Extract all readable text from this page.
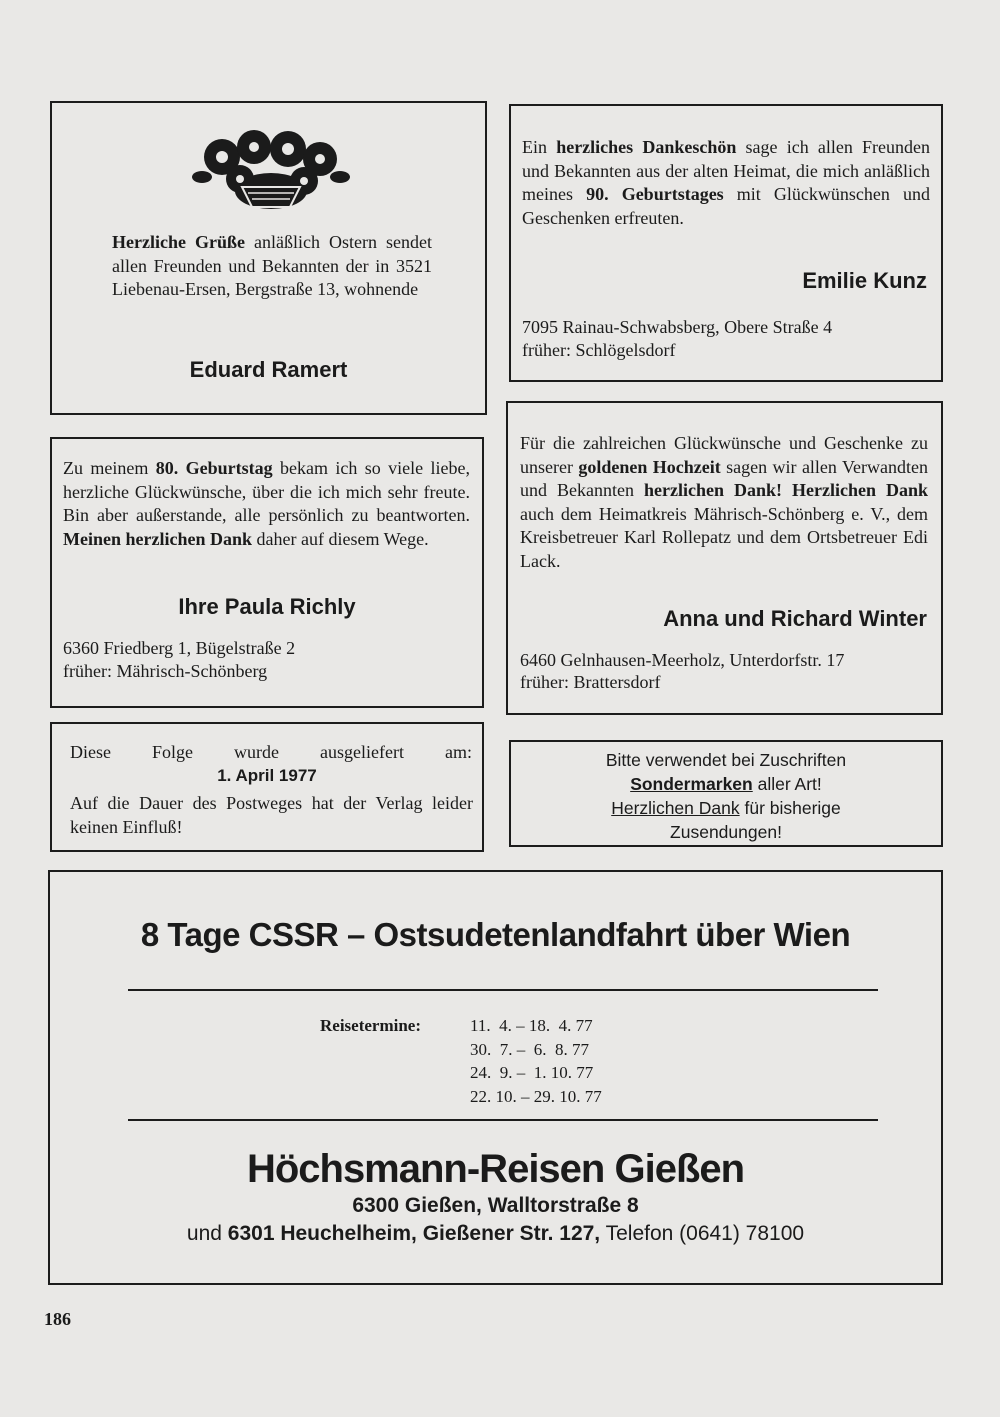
Herzliche Grüße anläßlich Ostern sendet allen Freunden und Bekannten der in 3521 Liebenau-Ersen, Bergstraße 13, wohnende
Eduard Ramert
Ein herzliches Dankeschön sage ich allen Freunden und Bekannten aus der alten Heimat, die mich anläßlich meines 90. Geburtstages mit Glückwünschen und Geschenken erfreuten.
Emilie Kunz
7095 Rainau-Schwabsberg, Obere Straße 4
früher: Schlögelsdorf
Zu meinem 80. Geburtstag bekam ich so viele liebe, herzliche Glückwünsche, über die ich mich sehr freute. Bin aber außerstande, alle persönlich zu beantworten. Meinen herzlichen Dank daher auf diesem Wege.
Ihre Paula Richly
6360 Friedberg 1, Bügelstraße 2
früher: Mährisch-Schönberg
Für die zahlreichen Glückwünsche und Geschenke zu unserer goldenen Hochzeit sagen wir allen Verwandten und Bekannten herzlichen Dank! Herzlichen Dank auch dem Heimatkreis Mährisch-Schönberg e. V., dem Kreisbetreuer Karl Rollepatz und dem Ortsbetreuer Edi Lack.
Anna und Richard Winter
6460 Gelnhausen-Meerholz, Unterdorfstr. 17
früher: Brattersdorf
Diese Folge wurde ausgeliefert am:
1. April 1977
Auf die Dauer des Postweges hat der Verlag leider keinen Einfluß!
Bitte verwendet bei Zuschriften
Sondermarken aller Art!
Herzlichen Dank für bisherige
Zusendungen!
8 Tage CSSR – Ostsudetenlandfahrt über Wien
Reisetermine:	11.  4. – 18.  4. 77
30.  7. –  6.  8. 77
24.  9. –  1. 10. 77
22. 10. – 29. 10. 77
Höchsmann-Reisen Gießen
6300 Gießen, Walltorstraße 8
und 6301 Heuchelheim, Gießener Str. 127, Telefon (0641) 78100
186
